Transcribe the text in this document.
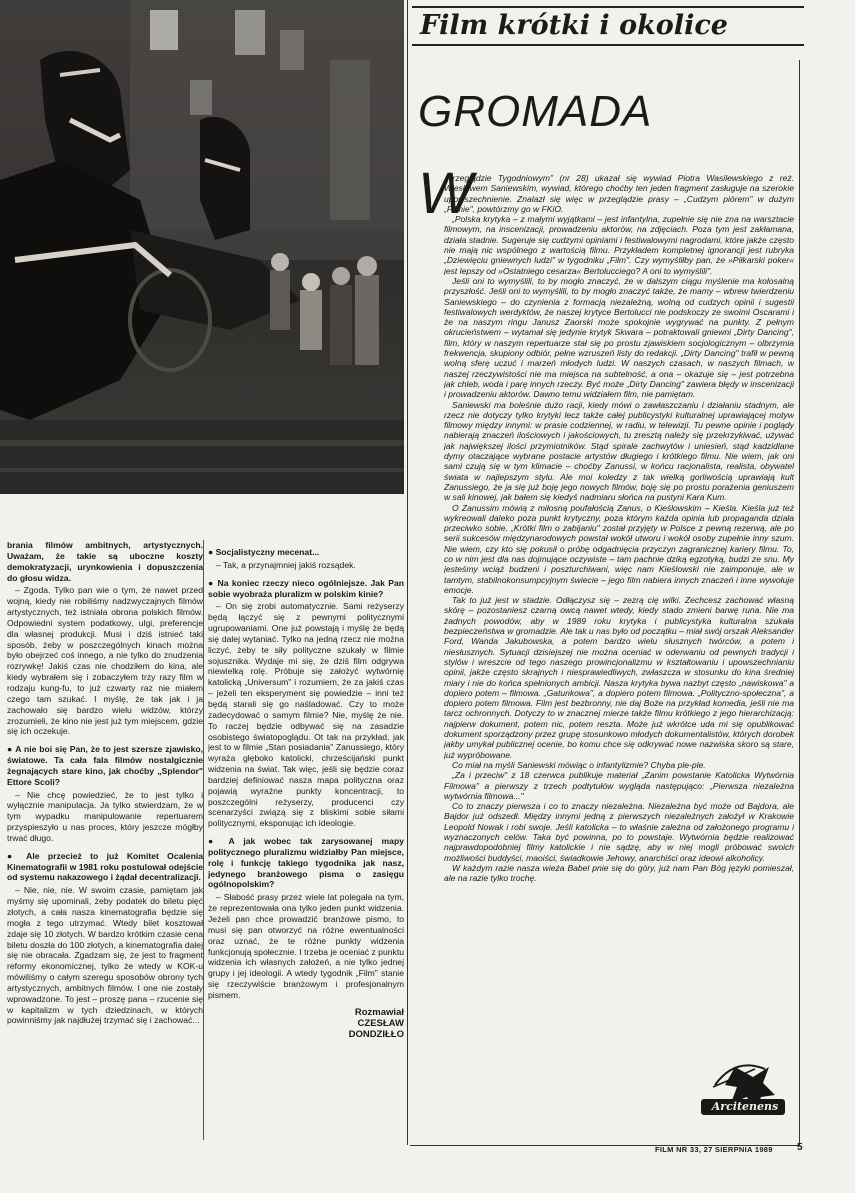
brania filmów ambitnych, artystycznych. Uważam, że takie są uboczne koszty demokratyzacji, urynkowienia i dopuszczenia do głosu widza.

– Zgoda. Tylko pan wie o tym, że nawet przed wojną, kiedy nie robiliśmy nadzwyczajnych filmów artystycznych, też istniała obrona polskich filmów. Odpowiedni system podatkowy, ulgi, preferencje dla własnej produkcji. Musi i dziś istnieć taki sposób, żeby w poszczególnych kinach można było obejrzeć coś innego, a nie tylko do znudzenia rozrywkę! Jakiś czas nie chodziłem do kina, ale kiedy wybrałem się i zobaczyłem trzy razy film w rodzaju kung-fu, to już czwarty raz nie miałem czego tam szukać. I myślę, że tak jak i ja zachowało się bardzo wielu widzów, którzy zrozumieli, że kino nie jest już tym miejscem, gdzie się ich oczekuje.

● A nie boi się Pan, że to jest szersze zjawisko, światowe. Ta cała fala filmów nostalgicznie żegnających stare kino, jak choćby „Splendor" Ettore Scoli?

– Nie chcę powiedzieć, że to jest tylko i wyłącznie manipulacja. Ja tylko stwierdzam, że w tym wypadku manipulowanie repertuarem przyspieszyło u nas proces, który jeszcze mógłby trwać długo.

● Ale przecież to już Komitet Ocalenia Kinematografii w 1981 roku postulował odejście od systemu nakazowego i żądał decentralizacji.

– Nie, nie, nie. W swoim czasie, pamiętam jak myśmy się upominali, żeby podatek do biletu pięć złotych, a cała nasza kinematografia będzie się mogła z tego utrzymać. Wtedy bilet kosztował zdaje się 10 złotych. W bardzo krótkim czasie cena biletu doszła do 100 złotych, a kinematografia dalej się nie obracała. Zgadzam się, że jest to fragment reformy ekonomicznej, tylko że wtedy w KOK-u mówiliśmy o całym szeregu sposobów obrony tych artystycznych, ambitnych filmów. I one nie zostały wprowadzone. To jest – proszę pana – rzucenie się w kapitalizm w tych dziedzinach, w których powinniśmy jak najdłużej trzymać się i zachować...

● Socjalistyczny mecenat...

– Tak, a przynajmniej jakiś rozsądek.

● Na koniec rzeczy nieco ogólniejsze. Jak Pan sobie wyobraża pluralizm w polskim kinie?

– On się zrobi automatycznie. Sami reżyserzy będą łączyć się z pewnymi politycznymi ugrupowaniami. One już powstają i myślę że będą się dalej wytaniać. Tylko na jedną rzecz nie można liczyć, żeby te siły polityczne szukały w filmie sojusznika. Wydaje mi się, że dziś film odgrywa niewielką rolę. Próbuje się założyć wytwórnię katolicką „Universum" i rozumiem, że za jakiś czas – jeżeli ten eksperyment się powiedzie – inni też będą starali się go naśladować. Czy to może zadecydować o samym filmie? Nie, myślę że nie. To raczej będzie odbywać się na zasadzie osobistego światopoglądu. Ot tak na przykład, jak jest to w filmie „Stan posiadania" Zanussiego, który wyraża głęboko katolicki, chrześcijański punkt widzenia na świat. Tak więc, jeśli się będzie coraz bardziej definiować nasza mapa polityczna oraz pojawią wyraźne punkty koncentracji, to poszczególni reżyserzy, producenci czy scenarzyści związą się z bliskimi sobie siłami politycznymi, eksponując ich ideologie.

● A jak wobec tak zarysowanej mapy politycznego pluralizmu widziałby Pan miejsce, rolę i funkcję takiego tygodnika jak nasz, jedynego branżowego pisma o zasięgu ogólnopolskim?

– Słabość prasy przez wiele lat polegała na tym, że reprezentowała ona tylko jeden punkt widzenia. Jeżeli pan chce prowadzić branżowe pismo, to musi się pan otworzyć na różne ewentualności oraz uznać, że te różne punkty widzenia funkcjonują społecznie. I trzeba je oceniać z punktu widzenia ich własnych założeń, a nie tylko jednej grupy i jej ideologii. A wtedy tygodnik „Film" stanie się rzeczywiście branżowym i profesjonalnym pismem.

Rozmawiał
CZESŁAW
DONDZIŁŁO
Film krótki i okolice
GROMADA
W

„Przeglądzie Tygodniowym" (nr 28) ukazał się wywiad Piotra Wasilewskiego z reż. Wiesławem Saniewskim, wywiad, którego choćby ten jeden fragment zasługuje na szerokie upowszechnienie. Znalazł się więc w przeglądzie prasy – „Cudzym piórem" w dużym „Filmie", powtórzmy go w FKiO.

„Polska krytyka – z małymi wyjątkami – jest infantylna, zupełnie się nie zna na warsztacie filmowym, na inscenizacji, prowadzeniu aktorów, na zdjęciach. Poza tym jest zakłamana, działa stadnie. Sugeruje się cudzymi opiniami i festiwalowymi nagrodami, które jakże często nie mają nic wspólnego z wartością filmu. Przykładem kompletnej ignorancji jest rubryka „Dziewięciu gniewnych ludzi" w tygodniku „Film". Czy wymyśliłby pan, że »Piłkarski poker« jest lepszy od »Ostatniego cesarza« Bertolucciego? A oni to wymyślili".

Jeśli oni to wymyślili, to by mogło znaczyć, że w dalszym ciągu myślenie ma kolosalną przyszłość. Jeśli oni to wymyślili, to by mogło znaczyć także, że mamy – wbrew twierdzeniu Saniewskiego – do czynienia z formacją niezależną, wolną od cudzych opinii i sugestii festiwalowych werdyktów, że naszej krytyce Bertolucci nie podskoczy ze swoimi Oscarami i że na naszym ringu Janusz Zaorski może spokojnie wygrywać na punkty. Z pełnym okrucieństwem – wytamał się jedynie krytyk Skwara – potraktowali gniewni „Dirty Dancing", film, który w naszym repertuarze stał się po prostu zjawiskiem socjologicznym – olbrzymia frekwencja, skupiony odbiór, pełne wzruszeń listy do redakcji. „Dirty Dancing" trafił w pewną wolną sferę uczuć i marzeń młodych ludzi. W naszych czasach, w naszych filmach, w naszej rzeczywistości nie ma miejsca na subtelność, a ona – okazuje się – jest potrzebna jak chleb, woda i parę innych rzeczy. Być może „Dirty Dancing" zawiera błędy w inscenizacji i prowadzeniu aktorów. Dawno temu widziałem film, nie pamiętam.

Saniewski ma boleśnie dużo racji, kiedy mówi o zawłaszczaniu i działaniu stadnym, ale rzecz nie dotyczy tylko krytyki lecz także całej publicystyki kulturalnej uprawiającej motyw filmowy między innymi: w prasie codziennej, w radiu, w telewizji. Tu pewne opinie i poglądy nabierają znaczeń ilościowych i jakościowych, tu zresztą należy się przekrzykiwać, używać jak największej ilości przymiotników. Stąd spirale zachwytów i uniesień, stąd kadzidlane dymy otaczające wybrane postacie artystów długiego i krótkiego filmu. Nie wiem, jak oni sami czują się w tym klimacie – choćby Zanussi, w końcu racjonalista, realista, obywatel świata w najlepszym stylu. Ale moi koledzy z tak wielką gorliwością uprawiają kult Zanussiego, że ja się już boję jego nowych filmów, boję się po prostu porażenia geniuszem w sali kinowej, jak bałem się kiedyś nadmiaru słońca na pustyni Kara Kum.

O Zanussim mówią z miłosną poufałością Zanus, o Kieślowskim – Kieśla. Kieśla już też wykreowali daleko poza punkt krytyczny, poza którym każda opinia lub propaganda działa przeciwko sobie. „Krótki film o zabijaniu" został przyjęty w Polsce z pewną rezerwą, ale po serii sukcesów międzynarodowych powstał wokół utworu i wokół osoby zupełnie inny szum. Nie wiem, czy kto się pokusił o próbę odgadnięcia przyczyn zagranicznej kariery filmu. To, co w nim jest dla nas dojmujące oczywiste – tam pachnie dziką egzotyką, budzi ze snu. My jesteśmy wciąż budzeni i poszturchiwani, więc nam Kieślowski nie zaimponuje, ale w tamtym, stabilnokonsumpcyjnym świecie – jego film nabiera innych znaczeń i inne wywołuje emocje.

Tak to już jest w stadzie. Odłączysz się – zezrą cię wilki. Zechcesz zachować własną skórę – pozostaniesz czarną owcą nawet wtedy, kiedy stado zmieni barwę runa. Nie ma żadnych powodów, aby w 1989 roku krytyka i publicystyka kulturalna szukała bezpieczeństwa w gromadzie. Ale tak u nas było od początku – miał swój orszak Aleksander Ford, Wanda Jakubowska, a potem bardzo wielu słusznych twórców, a potem i niesłusznych. Sytuacji dzisiejszej nie można oceniać w oderwaniu od pewnych tradycji i stylów i wreszcie od tego naszego prowincjonalizmu w kształtowaniu i upowszechnianiu opinii, jakże często skrajnych i niesprawiedliwych, zwłaszcza w stosunku do kina średniej miary i nie do końca spełnionych ambicji. Nasza krytyka bywa nazbyt często „nawiskowa" a dopiero potem – filmowa. „Gatunkowa", a dopiero potem filmowa. „Polityczno-społeczna", a dopiero potem filmowa. Film jest bezbronny, nie daj Boże na przykład komedia, jeśli nie ma tarcz ochronnych. Dotyczy to w znacznej mierze także filmu krótkiego z jego hierarchizacją: najpierw dokument, potem nic, potem reszta. Może już wkrótce uda mi się opublikować dokument sporządzony przez grupę stosunkowo młodych dokumentalistów, których dorobek jakby umykał publicznej ocenie, bo komu chce się odkrywać nowe nazwiska skoro są stare, już wypróbowane.

Co miał na myśli Saniewski mówiąc o infantylizmie? Chyba ple-ple.

„Za i przeciw" z 18 czerwca publikuje materiał „Zanim powstanie Katolicka Wytwórnia Filmowa" a pierwszy z trzech podtytułów wygląda następująco: „Pierwsza niezależna wytwórnia filmowa..."

Co to znaczy pierwsza i co to znaczy niezależna. Niezależna być może od Bajdora, ale Bajdor już odszedł. Między innymi jedną z pierwszych niezależnych założył w Krakowie Leopold Nowak i robi swoje. Jeśli katolicka – to właśnie zależna od założonego programu i wyznaczonych celów. Taka być powinna, po to powstaje. Wytwórnia będzie realizować najprawdopodobniej filmy katolickie i nie sądzę, aby w niej mogli próbować swoich możliwości buddyści, maoiści, świadkowie Jehowy, anarchiści oraz ideowi alkoholicy.

W każdym razie nasza wieża Babel pnie się do góry, już nam Pan Bóg języki pomieszał, ale na razie tylko trochę.

Arcitenens
FILM NR 33, 27 SIERPNIA 1989	5
